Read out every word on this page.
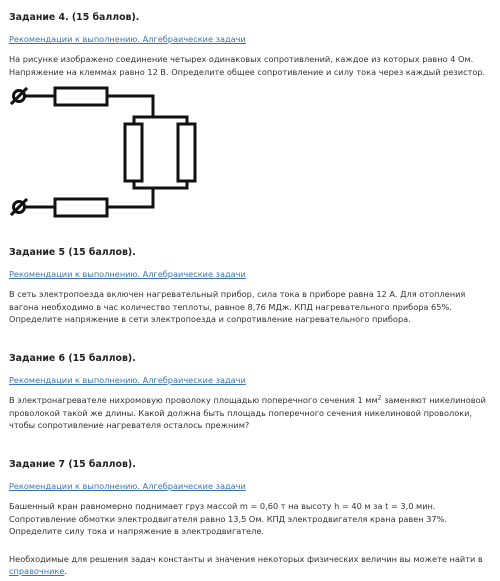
Задание 4. (15 баллов).
Рекомендации к выполнению. Алгебраические задачи
На рисунке изображено соединение четырех одинаковых сопротивлений, каждое из которых равно 4 Ом. Напряжение на клеммах равно 12 В. Определите общее сопротивление и силу тока через каждый резистор.
Задание 5 (15 баллов).
Рекомендации к выполнению. Алгебраические задачи
В сеть электропоезда включен нагревательный прибор, сила тока в приборе равна 12 А. Для отопления вагона необходимо в час количество теплоты, равное 8,76 МДж. КПД нагревательного прибора 65%. Определите напряжение в сети электропоезда и сопротивление нагревательного прибора.
Задание 6 (15 баллов).
Рекомендации к выполнению. Алгебраические задачи
В электронагревателе нихромовую проволоку площадью поперечного сечения 1 $мм^2$ заменяют никелиновой проволокой такой же длины. Какой должна быть площадь поперечного сечения никелиновой проволоки, чтобы сопротивление нагревателя осталось прежним?
Задание 7 (15 баллов).
Рекомендации к выполнению. Алгебраические задачи
Башенный кран равномерно поднимает груз массой m = 0,60 т на высоту h = 40 м за t = 3,0 мин. Сопротивление обмотки электродвигателя равно 13,5 Ом. КПД электродвигателя крана равен 37%. Определите силу тока и напряжение в электродвигателе.
Необходимые для решения задач константы и значения некоторых физических величин вы можете найти в справочнике.
